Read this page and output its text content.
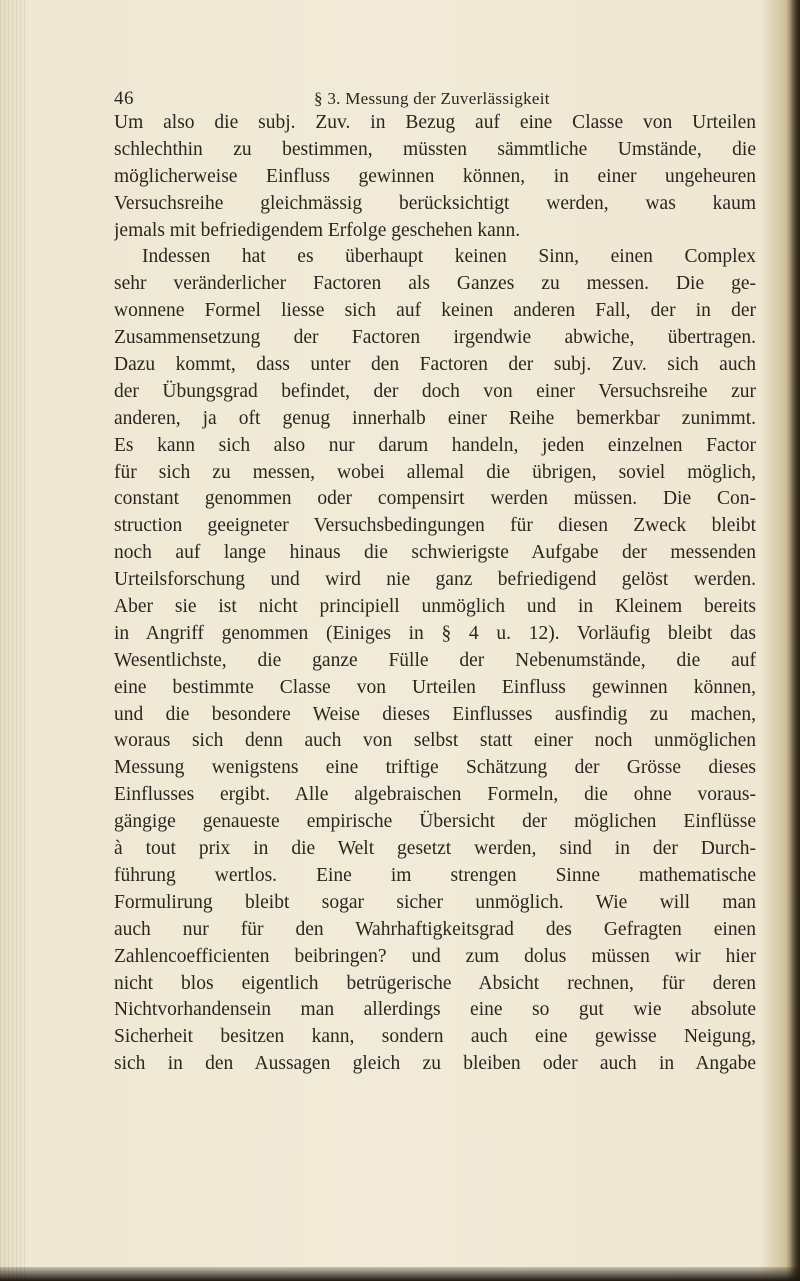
46	§ 3. Messung der Zuverlässigkeit
Um also die subj. Zuv. in Bezug auf eine Classe von Urteilen
schlechthin zu bestimmen, müssten sämmtliche Umstände, die
möglicherweise Einfluss gewinnen können, in einer ungeheuren
Versuchsreihe gleichmässig berücksichtigt werden, was kaum
jemals mit befriedigendem Erfolge geschehen kann.
Indessen hat es überhaupt keinen Sinn, einen Complex
sehr veränderlicher Factoren als Ganzes zu messen. Die ge-
wonnene Formel liesse sich auf keinen anderen Fall, der in der
Zusammensetzung der Factoren irgendwie abwiche, übertragen.
Dazu kommt, dass unter den Factoren der subj. Zuv. sich auch
der Übungsgrad befindet, der doch von einer Versuchsreihe zur
anderen, ja oft genug innerhalb einer Reihe bemerkbar zunimmt.
Es kann sich also nur darum handeln, jeden einzelnen Factor
für sich zu messen, wobei allemal die übrigen, soviel möglich,
constant genommen oder compensirt werden müssen. Die Con-
struction geeigneter Versuchsbedingungen für diesen Zweck bleibt
noch auf lange hinaus die schwierigste Aufgabe der messenden
Urteilsforschung und wird nie ganz befriedigend gelöst werden.
Aber sie ist nicht principiell unmöglich und in Kleinem bereits
in Angriff genommen (Einiges in § 4 u. 12). Vorläufig bleibt das
Wesentlichste, die ganze Fülle der Nebenumstände, die auf
eine bestimmte Classe von Urteilen Einfluss gewinnen können,
und die besondere Weise dieses Einflusses ausfindig zu machen,
woraus sich denn auch von selbst statt einer noch unmöglichen
Messung wenigstens eine triftige Schätzung der Grösse dieses
Einflusses ergibt. Alle algebraischen Formeln, die ohne voraus-
gängige genaueste empirische Übersicht der möglichen Einflüsse
à tout prix in die Welt gesetzt werden, sind in der Durch-
führung wertlos. Eine im strengen Sinne mathematische
Formulirung bleibt sogar sicher unmöglich. Wie will man
auch nur für den Wahrhaftigkeitsgrad des Gefragten einen
Zahlencoefficienten beibringen? und zum dolus müssen wir hier
nicht blos eigentlich betrügerische Absicht rechnen, für deren
Nichtvorhandensein man allerdings eine so gut wie absolute
Sicherheit besitzen kann, sondern auch eine gewisse Neigung,
sich in den Aussagen gleich zu bleiben oder auch in Angabe
